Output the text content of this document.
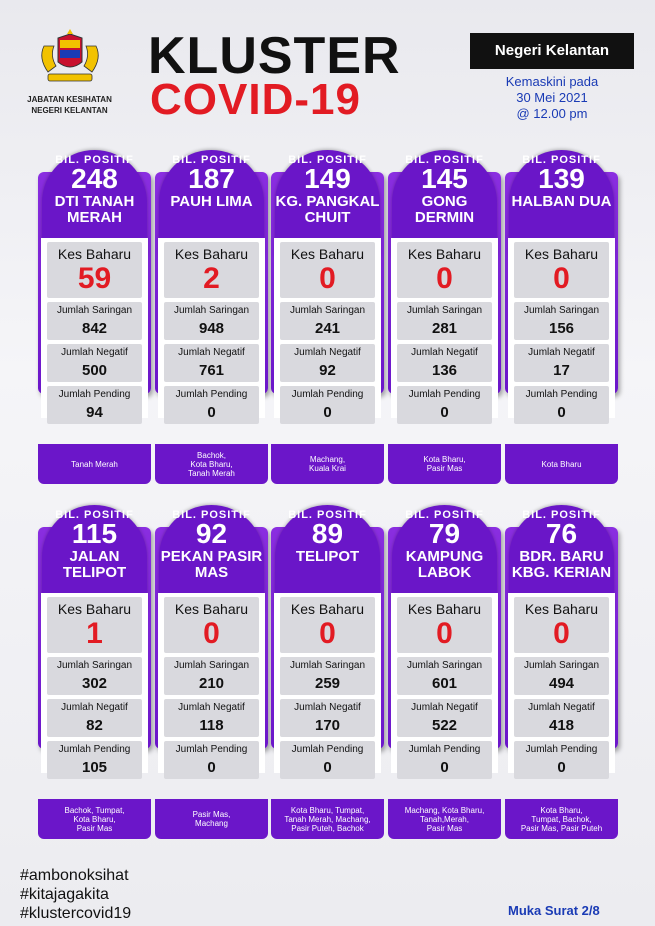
JABATAN KESIHATAN
NEGERI KELANTAN
KLUSTER
COVID-19
Negeri Kelantan
Kemaskini pada
30 Mei 2021
@ 12.00 pm
BIL. POSITIF
248
DTI TANAH MERAH
Kes Baharu
59
Jumlah Saringan
842
Jumlah Negatif
500
Jumlah Pending
94
Tanah Merah
BIL. POSITIF
187
PAUH LIMA
Kes Baharu
2
Jumlah Saringan
948
Jumlah Negatif
761
Jumlah Pending
0
Bachok,
Kota Bharu,
Tanah Merah
BIL. POSITIF
149
KG. PANGKAL CHUIT
Kes Baharu
0
Jumlah Saringan
241
Jumlah Negatif
92
Jumlah Pending
0
Machang,
Kuala Krai
BIL. POSITIF
145
GONG DERMIN
Kes Baharu
0
Jumlah Saringan
281
Jumlah Negatif
136
Jumlah Pending
0
Kota Bharu,
Pasir Mas
BIL. POSITIF
139
HALBAN DUA
Kes Baharu
0
Jumlah Saringan
156
Jumlah Negatif
17
Jumlah Pending
0
Kota Bharu
BIL. POSITIF
115
JALAN TELIPOT
Kes Baharu
1
Jumlah Saringan
302
Jumlah Negatif
82
Jumlah Pending
105
Bachok, Tumpat,
Kota Bharu,
Pasir Mas
BIL. POSITIF
92
PEKAN PASIR MAS
Kes Baharu
0
Jumlah Saringan
210
Jumlah Negatif
118
Jumlah Pending
0
Pasir Mas,
Machang
BIL. POSITIF
89
TELIPOT
Kes Baharu
0
Jumlah Saringan
259
Jumlah Negatif
170
Jumlah Pending
0
Kota Bharu, Tumpat,
Tanah Merah, Machang,
Pasir Puteh, Bachok
BIL. POSITIF
79
KAMPUNG LABOK
Kes Baharu
0
Jumlah Saringan
601
Jumlah Negatif
522
Jumlah Pending
0
Machang, Kota Bharu,
Tanah,Merah,
Pasir Mas
BIL. POSITIF
76
BDR. BARU KBG. KERIAN
Kes Baharu
0
Jumlah Saringan
494
Jumlah Negatif
418
Jumlah Pending
0
Kota Bharu,
Tumpat, Bachok,
Pasir Mas, Pasir Puteh
#ambonoksihat
#kitajagakita
#klustercovid19	Muka Surat 2/8
